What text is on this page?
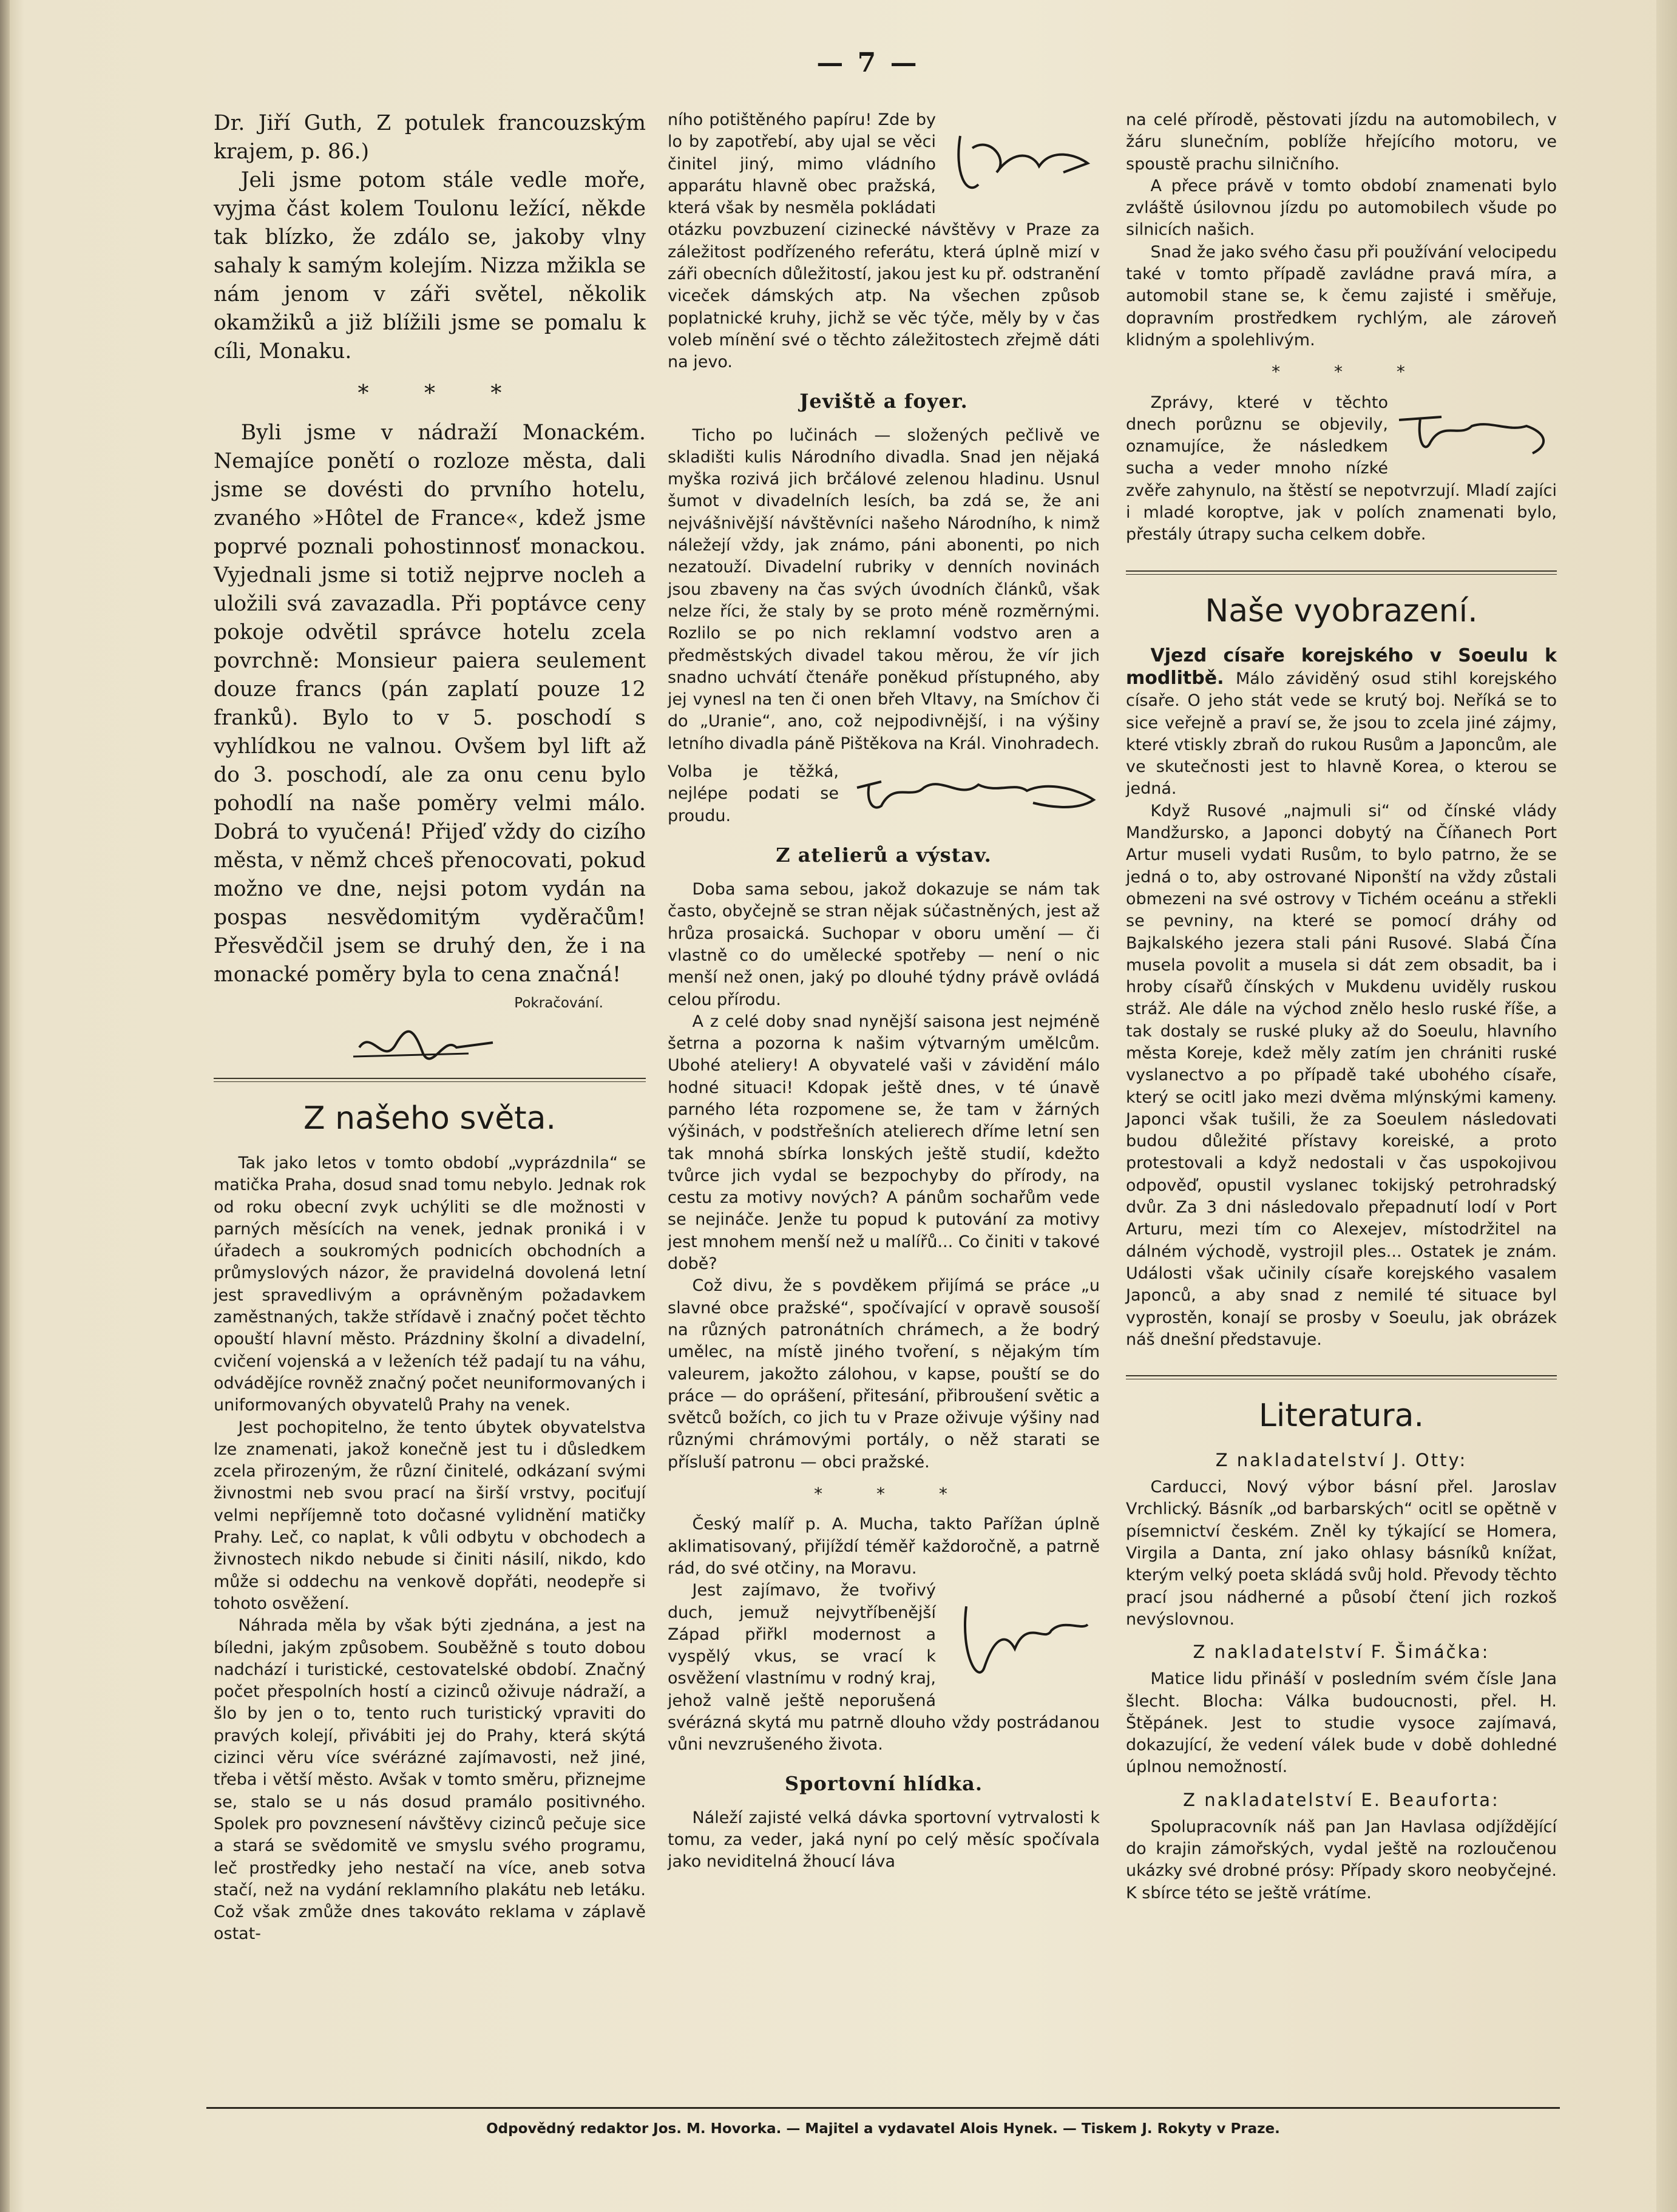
— 7 —

Dr. Jiří Guth, Z potulek francouzským krajem, p. 86.)

Jeli jsme potom stále vedle moře, vyjma část kolem Toulonu ležící, někde tak blízko, že zdálo se, jakoby vlny sahaly k samým kolejím. Nizza mžikla se nám jenom v záři světel, několik okamžiků a již blížili jsme se pomalu k cíli, Monaku.

* * *

Byli jsme v nádraží Monackém. Nemajíce ponětí o rozloze města, dali jsme se dovésti do prvního hotelu, zvaného »Hôtel de France«, kdež jsme poprvé poznali pohostinnosť monackou. Vyjednali jsme si totiž nejprve nocleh a uložili svá zavazadla. Při poptávce ceny pokoje odvětil správce hotelu zcela povrchně: Monsieur paiera seulement douze francs (pán zaplatí pouze 12 franků). Bylo to v 5. poschodí s vyhlídkou ne valnou. Ovšem byl lift až do 3. poschodí, ale za onu cenu bylo pohodlí na naše poměry velmi málo. Dobrá to vyučená! Přijeď vždy do cizího města, v němž chceš přenocovati, pokud možno ve dne, nejsi potom vydán na pospas nesvědomitým vyděračům! Přesvědčil jsem se druhý den, že i na monacké poměry byla to cena značná!

Pokračování.
Z našeho světa.

Tak jako letos v tomto období „vyprázdnila“ se matička Praha, dosud snad tomu nebylo. Jednak rok od roku obecní zvyk uchýliti se dle možnosti v parných měsících na venek, jednak proniká i v úřadech a soukromých podnicích obchodních a průmyslových názor, že pravidelná dovolená letní jest spravedlivým a oprávněným požadavkem zaměstnaných, takže střídavě i značný počet těchto opouští hlavní město. Prázdniny školní a divadelní, cvičení vojenská a v leženích též padají tu na váhu, odvádějíce rovněž značný počet neuniformovaných i uniformovaných obyvatelů Prahy na venek.

Jest pochopitelno, že tento úbytek obyvatelstva lze znamenati, jakož konečně jest tu i důsledkem zcela přirozeným, že různí činitelé, odkázaní svými živnostmi neb svou prací na širší vrstvy, pociťují velmi nepříjemně toto dočasné vylidnění matičky Prahy. Leč, co naplat, k vůli odbytu v obchodech a živnostech nikdo nebude si činiti násilí, nikdo, kdo může si oddechu na venkově dopřáti, neodepře si tohoto osvěžení.

Náhrada měla by však býti zjednána, a jest na bíledni, jakým způsobem. Souběžně s touto dobou nadchází i turistické, cestovatelské období. Značný počet přespolních hostí a cizinců oživuje nádraží, a šlo by jen o to, tento ruch turistický vpraviti do pravých kolejí, přivábiti jej do Prahy, která skýtá cizinci věru více svérázné zajímavosti, než jiné, třeba i větší město. Avšak v tomto směru, přiznejme se, stalo se u nás dosud pramálo positivného. Spolek pro povznesení návštěvy cizinců pečuje sice a stará se svědomitě ve smyslu svého programu, leč prostředky jeho nestačí na více, aneb sotva stačí, než na vydání reklamního plakátu neb letáku. Což však zmůže dnes takováto reklama v záplavě ostat-

ního potištěného papíru! Zde by lo by zapotřebí, aby ujal se věci činitel jiný, mimo vládního apparátu hlavně obec pražská, která však by nesměla pokládati otázku povzbuzení cizinecké návštěvy v Praze za záležitost podřízeného referátu, která úplně mizí v záři obecních důležitostí, jakou jest ku př. odstranění viceček dámských atp. Na všechen způsob poplatnické kruhy, jichž se věc týče, měly by v čas voleb mínění své o těchto záležitostech zřejmě dáti na jevo.

Jeviště a foyer.

Ticho po lučinách — složených pečlivě ve skladišti kulis Národního divadla. Snad jen nějaká myška rozivá jich brčálové zelenou hladinu. Usnul šumot v divadelních lesích, ba zdá se, že ani nejvášnivější návštěvníci našeho Národního, k nimž náležejí vždy, jak známo, páni abonenti, po nich nezatouží. Divadelní rubriky v denních novinách jsou zbaveny na čas svých úvodních článků, však nelze říci, že staly by se proto méně rozměrnými. Rozlilo se po nich reklamní vodstvo aren a předměstských divadel takou měrou, že vír jich snadno uchvátí čtenáře poněkud přístupného, aby jej vynesl na ten či onen břeh Vltavy, na Smíchov či do „Uranie“, ano, což nejpodivnější, i na výšiny letního divadla páně Pištěkova na Král. Vinohradech.

Volba je těžká, nejlépe podati se proudu.

Z atelierů a výstav.

Doba sama sebou, jakož dokazuje se nám tak často, obyčejně se stran nějak súčastněných, jest až hrůza prosaická. Suchopar v oboru umění — či vlastně co do umělecké spotřeby — není o nic menší než onen, jaký po dlouhé týdny právě ovládá celou přírodu.

A z celé doby snad nynější saisona jest nejméně šetrna a pozorna k našim výtvarným umělcům. Ubohé ateliery! A obyvatelé vaši v závidění málo hodné situaci! Kdopak ještě dnes, v té únavě parného léta rozpomene se, že tam v žárných výšinách, v podstřešních atelierech dříme letní sen tak mnohá sbírka lonských ještě studií, kdežto tvůrce jich vydal se bezpochyby do přírody, na cestu za motivy nových? A pánům sochařům vede se nejináče. Jenže tu popud k putování za motivy jest mnohem menší než u malířů... Co činiti v takové době?

Což divu, že s povděkem přijímá se práce „u slavné obce pražské“, spočívající v opravě sousoší na různých patronátních chrámech, a že bodrý umělec, na místě jiného tvoření, s nějakým tím valeurem, jakožto zálohou, v kapse, pouští se do práce — do oprášení, přitesání, přibroušení světic a světců božích, co jich tu v Praze oživuje výšiny nad různými chrámovými portály, o něž starati se přísluší patronu — obci pražské.

* * *

Český malíř p. A. Mucha, takto Pařížan úplně aklimatisovaný, přijíždí téměř každoročně, a patrně rád, do své otčiny, na Moravu.

Jest zajímavo, že tvořivý duch, jemuž nejvytříbenější Západ přiřkl modernost a vyspělý vkus, se vrací k osvěžení vlastnímu v rodný kraj, jehož valně ještě neporušená svérázná skytá mu patrně dlouho vždy postrádanou vůni nevzrušeného života.

Sportovní hlídka.

Náleží zajisté velká dávka sportovní vytrvalosti k tomu, za veder, jaká nyní po celý měsíc spočívala jako neviditelná žhoucí láva

na celé přírodě, pěstovati jízdu na automobilech, v žáru slunečním, poblíže hřejícího motoru, ve spoustě prachu silničního.

A přece právě v tomto období znamenati bylo zvláště úsilovnou jízdu po automobilech všude po silnicích našich.

Snad že jako svého času při používání velocipedu také v tomto případě zavládne pravá míra, a automobil stane se, k čemu zajisté i směřuje, dopravním prostředkem rychlým, ale zároveň klidným a spolehlivým.

* * *

Zprávy, které v těchto dnech porůznu se objevily, oznamujíce, že následkem sucha a veder mnoho nízké zvěře zahynulo, na štěstí se nepotvrzují. Mladí zajíci i mladé koroptve, jak v polích znamenati bylo, přestály útrapy sucha celkem dobře.

Naše vyobrazení.

Vjezd císaře korejského v Soeulu k modlitbě. Málo záviděný osud stihl korejského císaře. O jeho stát vede se krutý boj. Neříká se to sice veřejně a praví se, že jsou to zcela jiné zájmy, které vtiskly zbraň do rukou Rusům a Japoncům, ale ve skutečnosti jest to hlavně Korea, o kterou se jedná.

Když Rusové „najmuli si“ od čínské vlády Mandžursko, a Japonci dobytý na Číňanech Port Artur museli vydati Rusům, to bylo patrno, že se jedná o to, aby ostrované Niponští na vždy zůstali obmezeni na své ostrovy v Tichém oceánu a střekli se pevniny, na které se pomocí dráhy od Bajkalského jezera stali páni Rusové. Slabá Čína musela povolit a musela si dát zem obsadit, ba i hroby císařů čínských v Mukdenu uviděly ruskou stráž. Ale dále na východ znělo heslo ruské říše, a tak dostaly se ruské pluky až do Soeulu, hlavního města Koreje, kdež měly zatím jen chrániti ruské vyslanectvo a po případě také ubohého císaře, který se ocitl jako mezi dvěma mlýnskými kameny. Japonci však tušili, že za Soeulem následovati budou důležité přístavy koreiské, a proto protestovali a když nedostali v čas uspokojivou odpověď, opustil vyslanec tokijský petrohradský dvůr. Za 3 dni následovalo přepadnutí lodí v Port Arturu, mezi tím co Alexejev, místodržitel na dálném východě, vystrojil ples... Ostatek je znám. Události však učinily císaře korejského vasalem Japonců, a aby snad z nemilé té situace byl vyprostěn, konají se prosby v Soeulu, jak obrázek náš dnešní představuje.

Literatura.
Z nakladatelství J. Otty:

Carducci, Nový výbor básní přel. Jaroslav Vrchlický. Básník „od barbarských“ ocitl se opětně v písemnictví českém. Zněl ky týkající se Homera, Virgila a Danta, zní jako ohlasy básníků knížat, kterým velký poeta skládá svůj hold. Převody těchto prací jsou nádherné a působí čtení jich rozkoš nevýslovnou.

Z nakladatelství F. Šimáčka:

Matice lidu přináší v posledním svém čísle Jana šlecht. Blocha: Válka budoucnosti, přel. H. Štěpánek. Jest to studie vysoce zajímavá, dokazující, že vedení válek bude v době dohledné úplnou nemožností.

Z nakladatelství E. Beauforta:

Spolupracovník náš pan Jan Havlasa odjíždějící do krajin zámořských, vydal ještě na rozloučenou ukázky své drobné prósy: Případy skoro neobyčejné. K sbírce této se ještě vrátíme.

Odpovědný redaktor Jos. M. Hovorka. — Majitel a vydavatel Alois Hynek. — Tiskem J. Rokyty v Praze.
